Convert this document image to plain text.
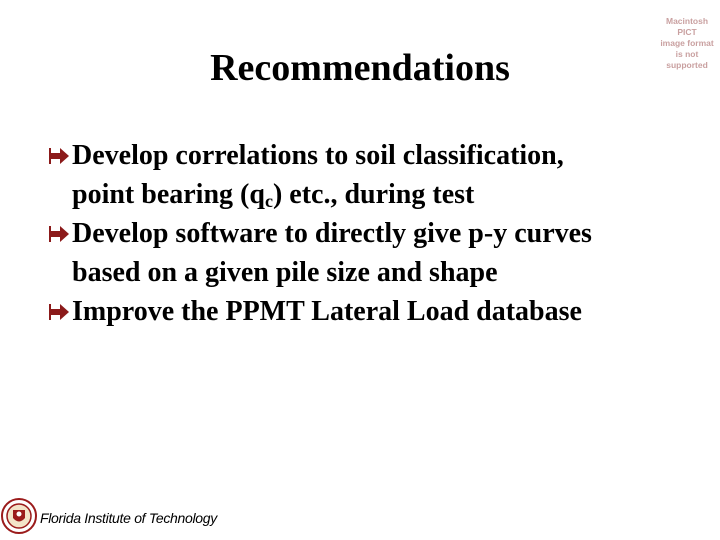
Recommendations
Macintosh PICT
image format
is not supported
Develop correlations to soil classification,
point bearing $(q_c)$ etc., during test
Develop software to directly give p-y curves
based on a given pile size and shape
Improve the PPMT Lateral Load database
Florida Institute of Technology
